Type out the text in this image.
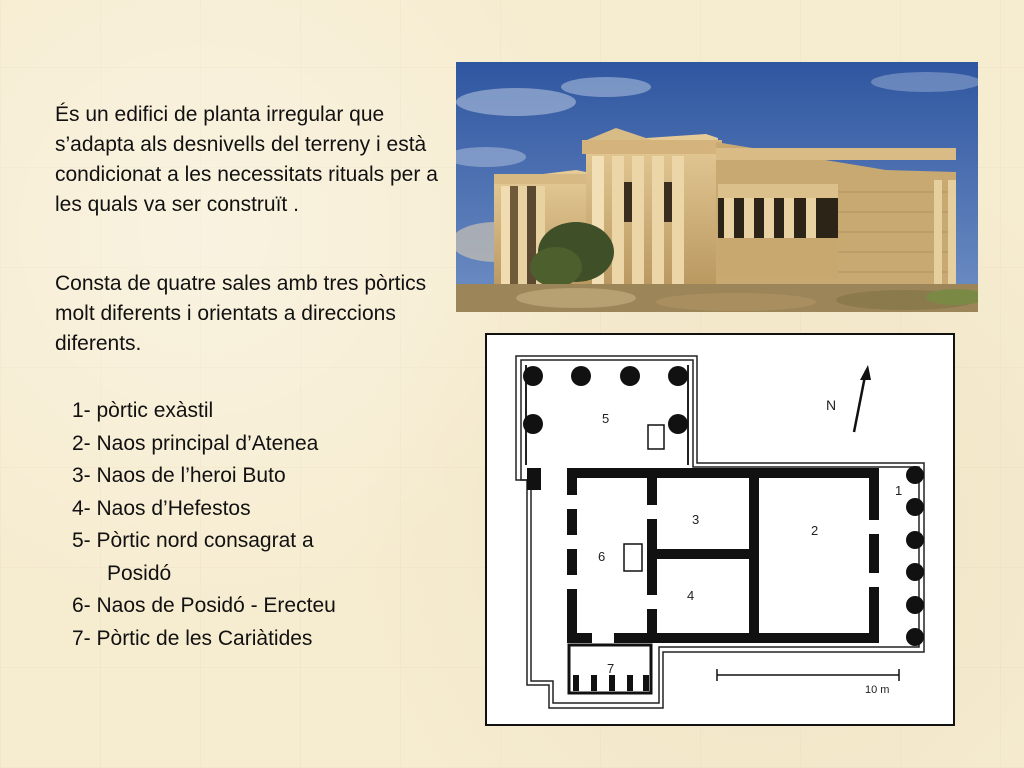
És un edifici de planta irregular que s’adapta als desnivells del terreny i està condicionat a les necessitats rituals per a les quals va ser construït .

Consta de quatre sales amb tres pòrtics molt diferents i orientats a direccions diferents.

1- pòrtic exàstil
2- Naos principal d’Atenea
3- Naos de l’heroi Buto
4- Naos d’Hefestos
5- Pòrtic nord consagrat a
Posidó
6- Naos de Posidó - Erecteu
7- Pòrtic de les Cariàtides
1
2
3
4
5
6
7
N
10 m
